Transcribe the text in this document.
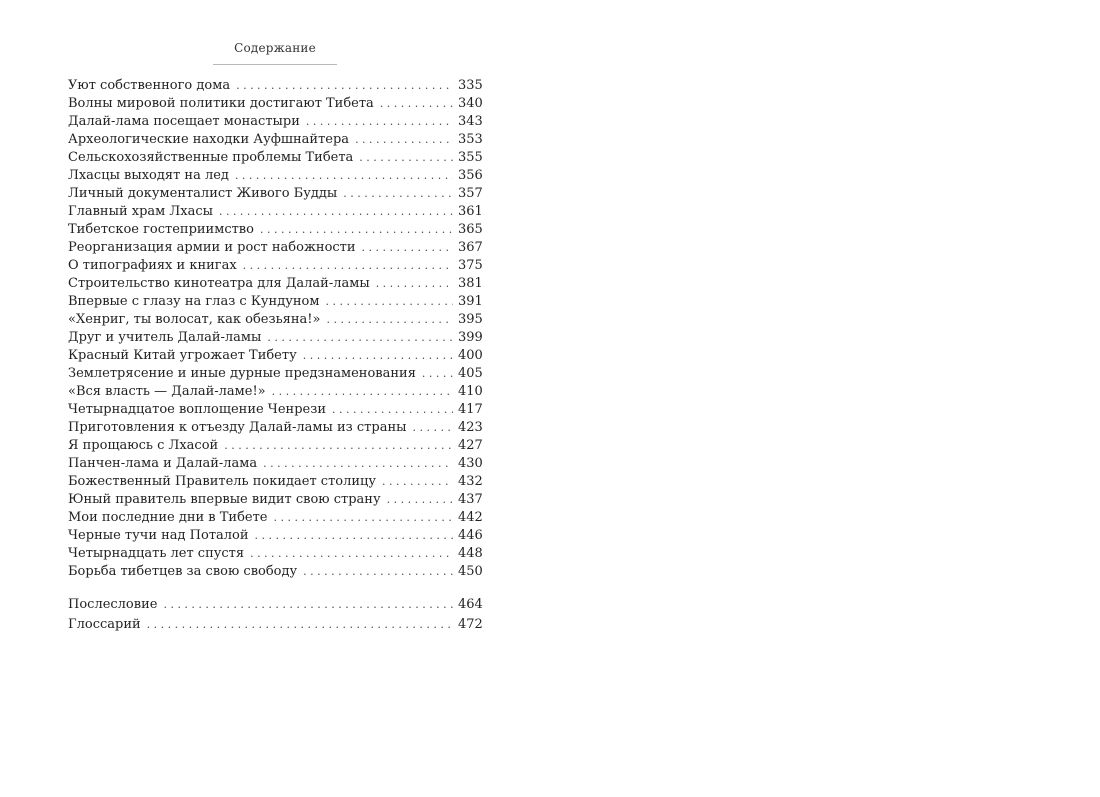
Содержание
Уют собственного дома . . .	335
Волны мировой политики достигают Тибета . . .	340
Далай-лама посещает монастыри . . .	343
Археологические находки Ауфшнайтера . . .	353
Сельскохозяйственные проблемы Тибета . . .	355
Лхасцы выходят на лед . . .	356
Личный документалист Живого Будды . . .	357
Главный храм Лхасы . . .	361
Тибетское гостеприимство . . .	365
Реорганизация армии и рост набожности . . .	367
О типографиях и книгах . . .	375
Строительство кинотеатра для Далай-ламы . . .	381
Впервые с глазу на глаз с Кундуном . . .	391
«Хенриг, ты волосат, как обезьяна!» . . .	395
Друг и учитель Далай-ламы . . .	399
Красный Китай угрожает Тибету . . .	400
Землетрясение и иные дурные предзнаменования . . .	405
«Вся власть — Далай-ламе!» . . .	410
Четырнадцатое воплощение Ченрези . . .	417
Приготовления к отъезду Далай-ламы из страны . . .	423
Я прощаюсь с Лхасой . . .	427
Панчен-лама и Далай-лама . . .	430
Божественный Правитель покидает столицу . . .	432
Юный правитель впервые видит свою страну . . .	437
Мои последние дни в Тибете . . .	442
Черные тучи над Поталой . . .	446
Четырнадцать лет спустя . . .	448
Борьба тибетцев за свою свободу . . .	450
Послесловие . . .	464
Глоссарий . . .	472
